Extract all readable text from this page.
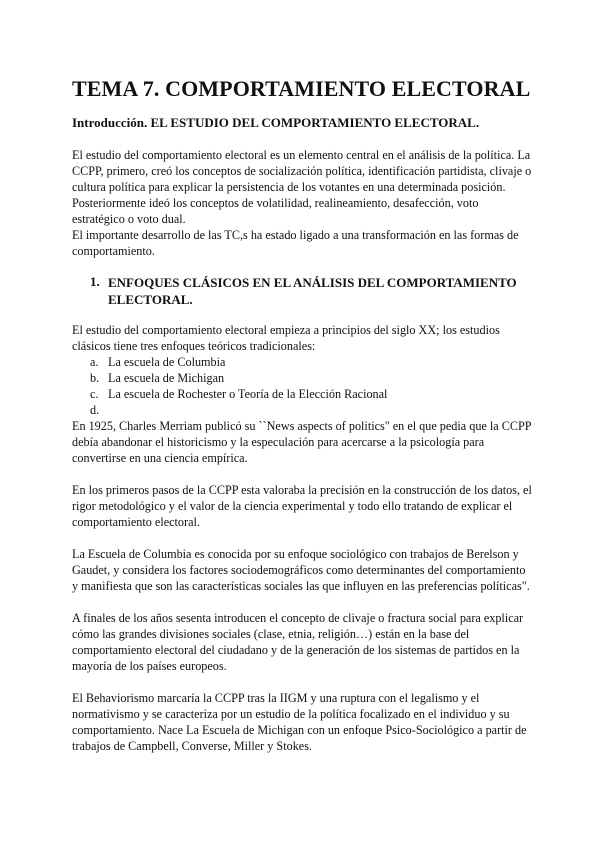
TEMA 7. COMPORTAMIENTO ELECTORAL
Introducción. EL ESTUDIO DEL COMPORTAMIENTO ELECTORAL.

El estudio del comportamiento electoral es un elemento central en el análisis de la política. La CCPP, primero, creó los conceptos de socialización política, identificación partidista, clivaje o cultura política para explicar la persistencia de los votantes en una determinada posición. Posteriormente ideó los conceptos de volatilidad, realineamiento, desafección, voto estratégico o voto dual.

El importante desarrollo de las TC,s ha estado ligado a una transformación en las formas de comportamiento.

1. ENFOQUES CLÁSICOS EN EL ANÁLISIS DEL COMPORTAMIENTO ELECTORAL.

El estudio del comportamiento electoral empieza a principios del siglo XX; los estudios clásicos tiene tres enfoques teóricos tradicionales:

a. La escuela de Columbia
b. La escuela de Michigan
c. La escuela de Rochester o Teoría de la Elección Racional
d.

En 1925, Charles Merriam publicó su ``News aspects of politics" en el que pedia que la CCPP debía abandonar el historicismo y la especulación para acercarse a la psicología para convertirse en una ciencia empírica.

En los primeros pasos de la CCPP esta valoraba la precisión en la construcción de los datos, el rigor metodológico y el valor de la ciencia experimental y todo ello tratando de explicar el comportamiento electoral.

La Escuela de Columbia es conocida por su enfoque sociológico con trabajos de Berelson y Gaudet, y considera los factores sociodemográficos como determinantes del comportamiento y manifiesta que son las características sociales las que influyen en las preferencias políticas".

A finales de los años sesenta introducen el concepto de clivaje o fractura social para explicar cómo las grandes divisiones sociales (clase, etnia, religión…) están en la base del comportamiento electoral del ciudadano y de la generación de los sistemas de partidos en la mayoría de los países europeos.

El Behaviorismo marcaría la CCPP tras la IIGM y una ruptura con el legalismo y el normativismo y se caracteriza por un estudio de la política focalizado en el individuo y su comportamiento. Nace La Escuela de Michigan con un enfoque Psico-Sociológico a partir de trabajos de Campbell, Converse, Miller y Stokes.
